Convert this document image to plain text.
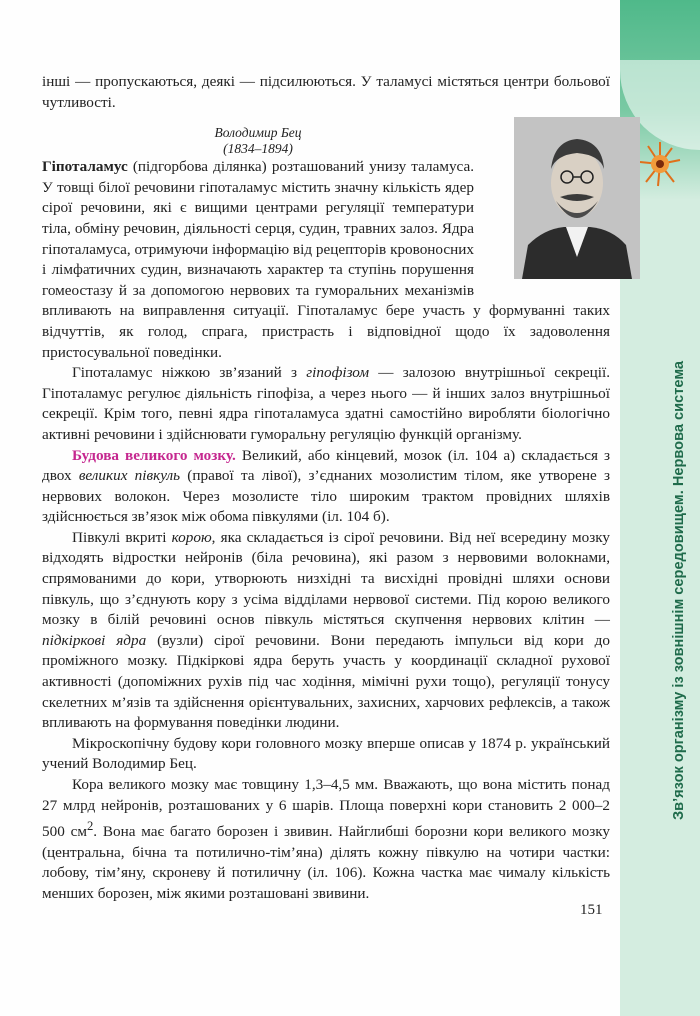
Зв’язок організму із зовнішнім середовищем. Нервова система

інші — пропускаються, деякі — підсилюються. У таламусі містяться центри больової чутливості.

Володимир Бец
(1834–1894)
Гіпоталамус (підгорбова ділянка) розташований унизу таламуса. У товщі білої речовини гіпоталамус містить значну кількість ядер сірої речовини, які є вищими центрами регуляції температури тіла, обміну речовин, діяльності серця, судин, травних залоз. Ядра гіпоталамуса, отримуючи інформацію від рецепторів кровоносних і лімфатичних судин, визначають характер та ступінь порушення гомеостазу й за допомогою нервових та гуморальних механізмів впливають на виправлення ситуації. Гіпоталамус бере участь у формуванні таких відчуттів, як голод, спрага, пристрасть і відповідної щодо їх задоволення пристосувальної поведінки.

Гіпоталамус ніжкою зв’язаний з гіпофізом — залозою внутрішньої секреції. Гіпоталамус регулює діяльність гіпофіза, а через нього — й інших залоз внутрішньої секреції. Крім того, певні ядра гіпоталамуса здатні самостійно виробляти біологічно активні речовини і здійснювати гуморальну регуляцію функцій організму.

Будова великого мозку. Великий, або кінцевий, мозок (іл. 104 а) складається з двох великих півкуль (правої та лівої), з’єднаних мозолистим тілом, яке утворене з нервових волокон. Через мозолисте тіло широким трактом провідних шляхів здійснюється зв’язок між обома півкулями (іл. 104 б).

Півкулі вкриті корою, яка складається із сірої речовини. Від неї всередину мозку відходять відростки нейронів (біла речовина), які разом з нервовими волокнами, спрямованими до кори, утворюють низхідні та висхідні провідні шляхи основи півкуль, що з’єднують кору з усіма відділами нервової системи. Під корою великого мозку в білій речовині основ півкуль містяться скупчення нервових клітин — підкіркові ядра (вузли) сірої речовини. Вони передають імпульси від кори до проміжного мозку. Підкіркові ядра беруть участь у координації складної рухової активності (допоміжних рухів під час ходіння, мімічні рухи тощо), регуляції тонусу скелетних м’язів та здійснення орієнтувальних, захисних, харчових рефлексів, а також впливають на формування поведінки людини.

Мікроскопічну будову кори головного мозку вперше описав у 1874 р. український учений Володимир Бец.

Кора великого мозку має товщину 1,3–4,5 мм. Вважають, що вона містить понад 27 млрд нейронів, розташованих у 6 шарів. Площа поверхні кори становить 2 000–2 500 $см^2$. Вона має багато борозен і звивин. Найглибші борозни кори великого мозку (центральна, бічна та потилично-тім’яна) ділять кожну півкулю на чотири частки: лобову, тім’яну, скроневу й потиличну (іл. 106). Кожна частка має чималу кількість менших борозен, між якими розташовані звивини.

151
